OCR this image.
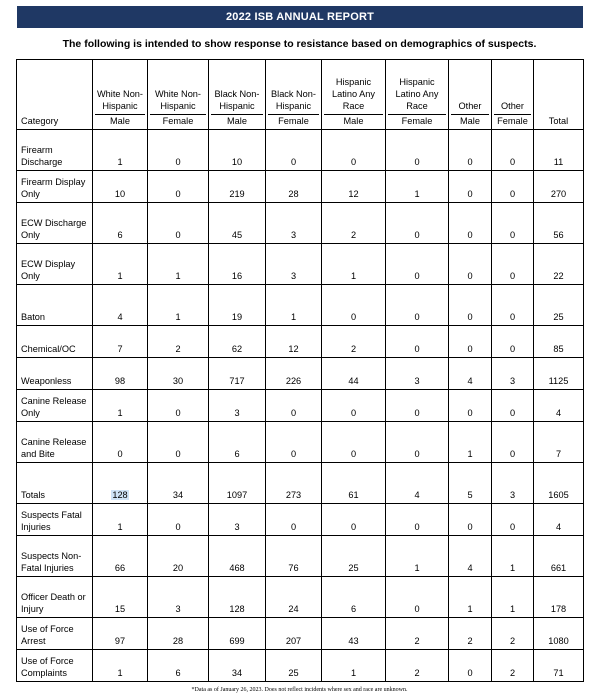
2022 ISB ANNUAL REPORT
The following is intended to show response to resistance based on demographics of suspects.
Category	White Non-Hispanic	White Non-Hispanic	Black Non-Hispanic	Black Non-Hispanic	Hispanic Latino Any Race	Hispanic Latino Any Race	Other	Other	Total
	Male	Female	Male	Female	Male	Female	Male	Female	
Firearm Discharge	1	0	10	0	0	0	0	0	11
Firearm Display Only	10	0	219	28	12	1	0	0	270
ECW Discharge Only	6	0	45	3	2	0	0	0	56
ECW Display Only	1	1	16	3	1	0	0	0	22
Baton	4	1	19	1	0	0	0	0	25
Chemical/OC	7	2	62	12	2	0	0	0	85
Weaponless	98	30	717	226	44	3	4	3	1125
Canine Release Only	1	0	3	0	0	0	0	0	4
Canine Release and Bite	0	0	6	0	0	0	1	0	7
Totals	128	34	1097	273	61	4	5	3	1605
Suspects Fatal Injuries	1	0	3	0	0	0	0	0	4
Suspects Non-Fatal Injuries	66	20	468	76	25	1	4	1	661
Officer Death or Injury	15	3	128	24	6	0	1	1	178
Use of Force Arrest	97	28	699	207	43	2	2	2	1080
Use of Force Complaints	1	6	34	25	1	2	0	2	71
*Data as of January 26, 2023. Does not reflect incidents where sex and race are unknown.
